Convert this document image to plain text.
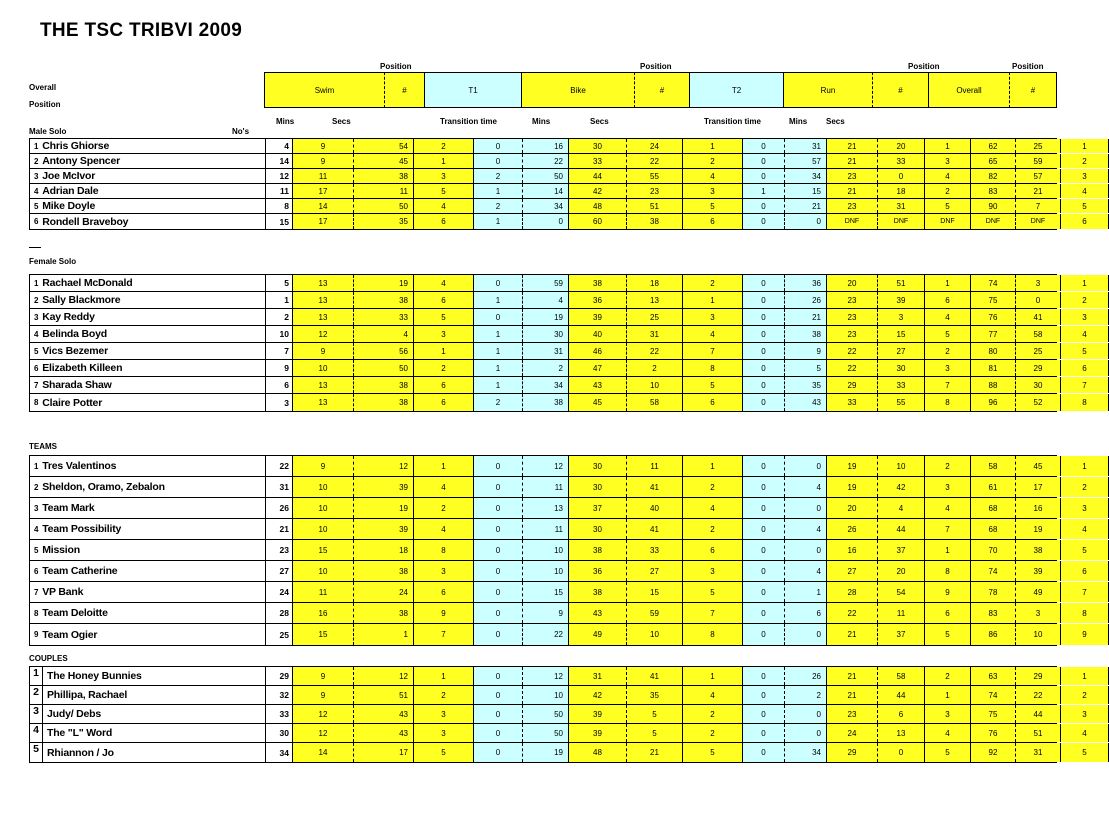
THE TSC TRIBVI 2009
Position	Position	Position	Position
Overall
Position
Swim	#	T1	Bike	#	T2	Run	#	Overall	#
Male Solo	No's
Mins	Secs	Transition time	Mins	Secs	Transition time	Mins Secs
1 Chris Ghiorse	4	9	54	2	0	16	30	24	1	0	31	21	20	1	62	25	1
2 Antony Spencer	14	9	45	1	0	22	33	22	2	0	57	21	33	3	65	59	2
3 Joe McIvor	12	11	38	3	2	50	44	55	4	0	34	23	0	4	82	57	3
4 Adrian Dale	11	17	11	5	1	14	42	23	3	1	15	21	18	2	83	21	4
5 Mike Doyle	8	14	50	4	2	34	48	51	5	0	21	23	31	5	90	7	5
6 Rondell Braveboy	15	17	35	6	1	0	60	38	6	0	0	DNF	DNF	DNF	DNF	DNF	6
Female Solo
1 Rachael McDonald	5	13	19	4	0	59	38	18	2	0	36	20	51	1	74	3	1
2 Sally Blackmore	1	13	38	6	1	4	36	13	1	0	26	23	39	6	75	0	2
3 Kay Reddy	2	13	33	5	0	19	39	25	3	0	21	23	3	4	76	41	3
4 Belinda Boyd	10	12	4	3	1	30	40	31	4	0	38	23	15	5	77	58	4
5 Vics Bezemer	7	9	56	1	1	31	46	22	7	0	9	22	27	2	80	25	5
6 Elizabeth Killeen	9	10	50	2	1	2	47	2	8	0	5	22	30	3	81	29	6
7 Sharada Shaw	6	13	38	6	1	34	43	10	5	0	35	29	33	7	88	30	7
8 Claire Potter	3	13	38	6	2	38	45	58	6	0	43	33	55	8	96	52	8
TEAMS
1 Tres Valentinos	22	9	12	1	0	12	30	11	1	0	0	19	10	2	58	45	1
2 Sheldon, Oramo, Zebalon	31	10	39	4	0	11	30	41	2	0	4	19	42	3	61	17	2
3 Team Mark	26	10	19	2	0	13	37	40	4	0	0	20	4	4	68	16	3
4 Team Possibility	21	10	39	4	0	11	30	41	2	0	4	26	44	7	68	19	4
5 Mission	23	15	18	8	0	10	38	33	6	0	0	16	37	1	70	38	5
6 Team Catherine	27	10	38	3	0	10	36	27	3	0	4	27	20	8	74	39	6
7 VP Bank	24	11	24	6	0	15	38	15	5	0	1	28	54	9	78	49	7
8 Team Deloitte	28	16	38	9	0	9	43	59	7	0	6	22	11	6	83	3	8
9 Team Ogier	25	15	1	7	0	22	49	10	8	0	0	21	37	5	86	10	9
COUPLES
1 The Honey Bunnies	29	9	12	1	0	12	31	41	1	0	26	21	58	2	63	29	1
2 Phillipa, Rachael	32	9	51	2	0	10	42	35	4	0	2	21	44	1	74	22	2
3 Judy/ Debs	33	12	43	3	0	50	39	5	2	0	0	23	6	3	75	44	3
4 The "L" Word	30	12	43	3	0	50	39	5	2	0	0	24	13	4	76	51	4
5 Rhiannon / Jo	34	14	17	5	0	19	48	21	5	0	34	29	0	5	92	31	5
